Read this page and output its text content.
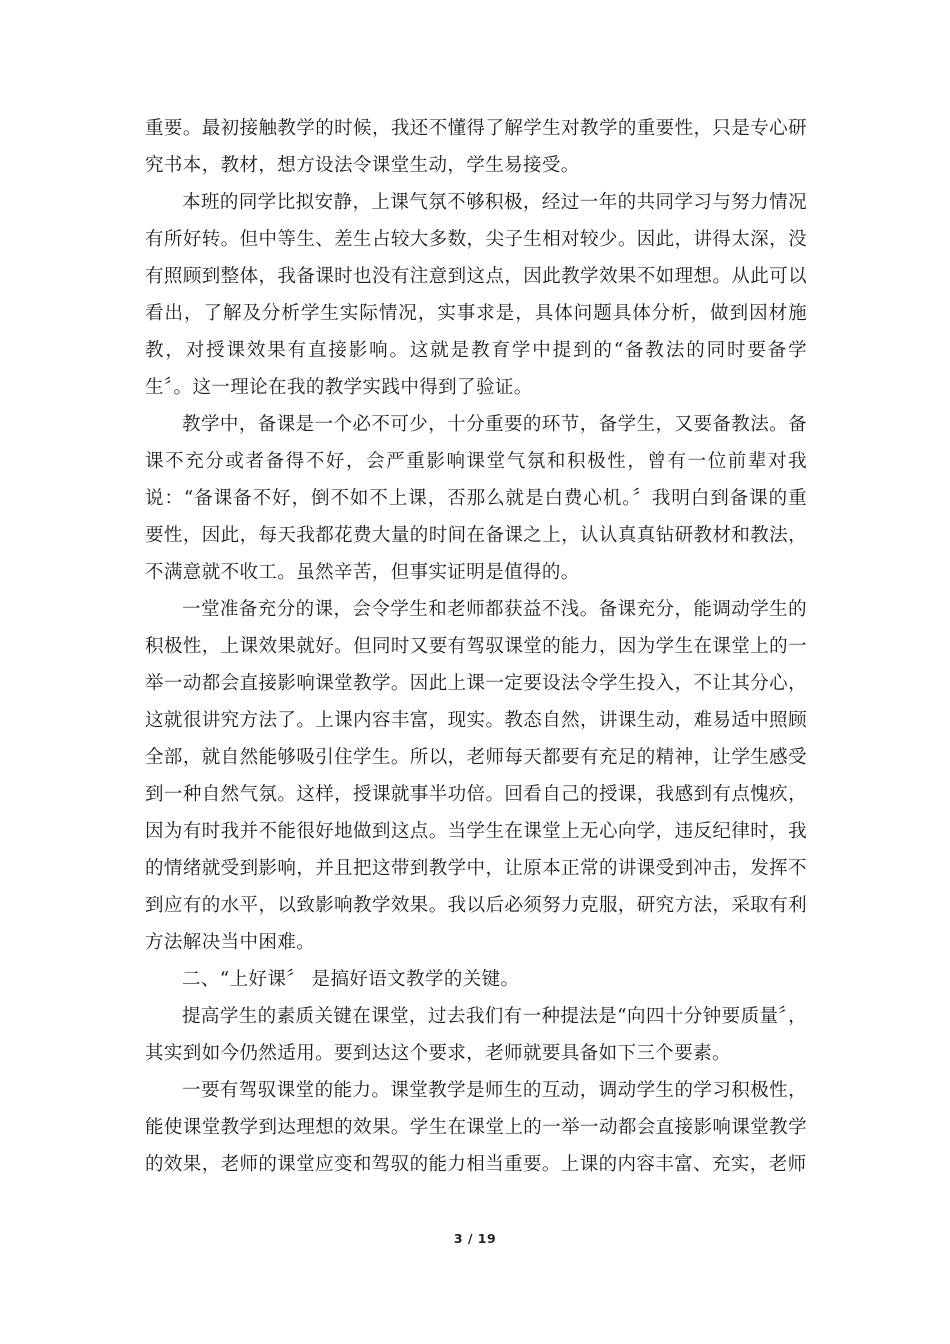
重要。最初接触教学的时候，我还不懂得了解学生对教学的重要性，只是专心研究书本，教材，想方设法令课堂生动，学生易接受。

本班的同学比拟安静，上课气氛不够积极，经过一年的共同学习与努力情况有所好转。但中等生、差生占较大多数，尖子生相对较少。因此，讲得太深，没有照顾到整体，我备课时也没有注意到这点，因此教学效果不如理想。从此可以看出，了解及分析学生实际情况，实事求是，具体问题具体分析，做到因材施教，对授课效果有直接影响。这就是教育学中提到的“备教法的同时要备学生〞。这一理论在我的教学实践中得到了验证。

教学中，备课是一个必不可少，十分重要的环节，备学生，又要备教法。备课不充分或者备得不好，会严重影响课堂气氛和积极性，曾有一位前辈对我说：“备课备不好，倒不如不上课，否那么就是白费心机。〞我明白到备课的重要性，因此，每天我都花费大量的时间在备课之上，认认真真钻研教材和教法，不满意就不收工。虽然辛苦，但事实证明是值得的。

一堂准备充分的课，会令学生和老师都获益不浅。备课充分，能调动学生的积极性，上课效果就好。但同时又要有驾驭课堂的能力，因为学生在课堂上的一举一动都会直接影响课堂教学。因此上课一定要设法令学生投入，不让其分心，这就很讲究方法了。上课内容丰富，现实。教态自然，讲课生动，难易适中照顾全部，就自然能够吸引住学生。所以，老师每天都要有充足的精神，让学生感受到一种自然气氛。这样，授课就事半功倍。回看自己的授课，我感到有点愧疚，因为有时我并不能很好地做到这点。当学生在课堂上无心向学，违反纪律时，我的情绪就受到影响，并且把这带到教学中，让原本正常的讲课受到冲击，发挥不到应有的水平，以致影响教学效果。我以后必须努力克服，研究方法，采取有利方法解决当中困难。

二、“上好课〞 是搞好语文教学的关键。

提高学生的素质关键在课堂，过去我们有一种提法是“向四十分钟要质量〞，其实到如今仍然适用。要到达这个要求，老师就要具备如下三个要素。

一要有驾驭课堂的能力。课堂教学是师生的互动，调动学生的学习积极性，能使课堂教学到达理想的效果。学生在课堂上的一举一动都会直接影响课堂教学的效果，老师的课堂应变和驾驭的能力相当重要。上课的内容丰富、充实，老师

3 / 19
